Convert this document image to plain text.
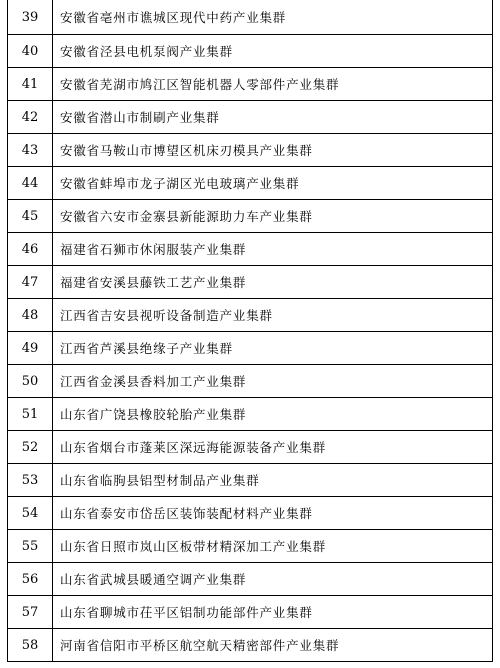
39	安徽省亳州市谯城区现代中药产业集群
40	安徽省泾县电机泵阀产业集群
41	安徽省芜湖市鸠江区智能机器人零部件产业集群
42	安徽省潜山市制刷产业集群
43	安徽省马鞍山市博望区机床刃模具产业集群
44	安徽省蚌埠市龙子湖区光电玻璃产业集群
45	安徽省六安市金寨县新能源助力车产业集群
46	福建省石狮市休闲服装产业集群
47	福建省安溪县藤铁工艺产业集群
48	江西省吉安县视听设备制造产业集群
49	江西省芦溪县绝缘子产业集群
50	江西省金溪县香料加工产业集群
51	山东省广饶县橡胶轮胎产业集群
52	山东省烟台市蓬莱区深远海能源装备产业集群
53	山东省临朐县铝型材制品产业集群
54	山东省泰安市岱岳区装饰装配材料产业集群
55	山东省日照市岚山区板带材精深加工产业集群
56	山东省武城县暖通空调产业集群
57	山东省聊城市茌平区铝制功能部件产业集群
58	河南省信阳市平桥区航空航天精密部件产业集群
